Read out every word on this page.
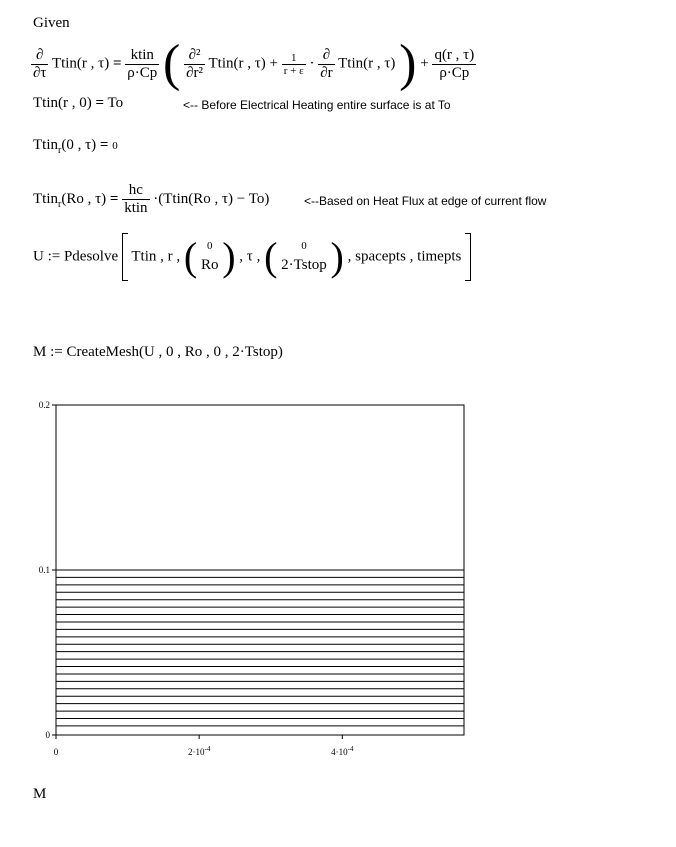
Given
$\frac{\partial}{\partial\tau}$ Ttin(r , $\tau) = \frac{\text{ktin}}{\rho\cdot Cp}$ ( $\frac{\text{∂²}}{\text{∂r²}}$ Ttin(r , $\tau) + \frac{1}{r + \varepsilon} \cdot \frac{\partial}{\partial r}$ Ttin(r , τ) ) + $\frac{q(r , \tau)}{\rho\cdot Cp}$
Ttin(r , 0) = To	<-- Before Electrical Heating entire surface is at To
Ttin$_r$(0 , τ) = 0
Ttin$_r$(Ro , $\tau) = \frac{hc}{\text{ktin}}$ ·(Ttin(Ro , τ) − To)	<--Based on Heat Flux at edge of current flow
U := Pdesolve Ttin , r , ( 0
Ro ) , τ , (	0
2·Tstop ) , spacepts , timepts
M := CreateMesh(U , 0 , Ro , 0 , 2·Tstop)
0
0.1
0.2
0	$2\cdot 10^{-4}$	$4\cdot 10^{-4}$
M
